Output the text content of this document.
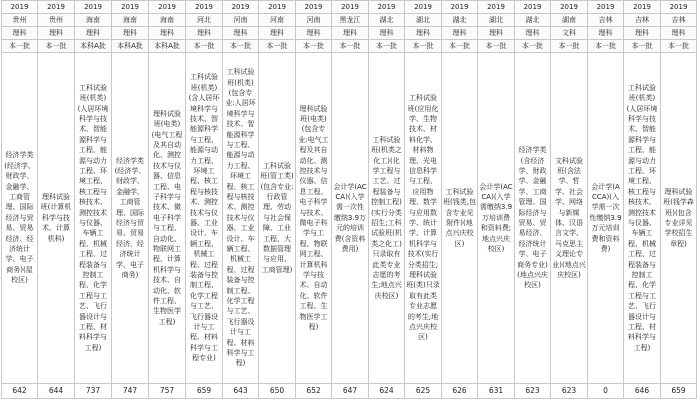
2019	2019	2019	2019	2019	2019	2019	2019	2019	2019	2019	2019	2019	2019	2019	2019	2019	2019	2019
贵州	贵州	海南	海南	海南	河北	河南	河南	河南	黑龙江	湖北	湖北	湖北	湖北	湖北	湖南	吉林	吉林	吉林
理科	理科	理科	理科	理科	理科	理科	理科	理科	理科	理科	理科	理科	理科	理科	文科	理科	理科	理科
本一批	本一批	本科A批	本科A批	本科A批	本一批	本一批	本一批	本一批	本一批	本一批	本一批	本一批	本一批	本一批	本一批	本一批	本一批	本一批
经济学类(经济学、财政学、金融学、工商管理、国际经济与贸易、贸易经济、经济统计学、电子商务)(屋校区)	理科试验班(计算机科学与技术、计算机科)	工科试验班(机类)(人居环境科学与技术、智能源科学与工程、能源与动力工程、环境工程、核工程与核技术、测控技术与仪器、车辆工程、机械工程、过程装备与控制工程、化学工程与工艺、飞行器设计与工程、材料科学与工程)	经济学类(经济学、财政学、金融学、工商管理、国际经济与贸易、贸易经济、经济统计学、电子商务)	理科试验班(电类)(电气工程及其自动化、测控技术与仪器、信息工程、电子科学与技术、微电子科学与工程、自动化、物联网工程、计算机科学与技术、自动化、软件工程、生物医学工程)	工科试验班(机类)(含人居环境科学与技术、智能源科学与工程、能源与动力工程、环境工程、核工程与核技术、测控技术与仪器、工业设计、车辆工程、机械工程、过程装备与控制工程、化学工程与工艺、飞行器设计与工程、材料科学与工程专业)	工科试验班(机类)(包含专业:人居环境科学与技术、智能源科学与工程、能源与动力工程、环境工程、核工程与核技术、测控技术与仪器、工业设计、车辆工程、机械工程、过程装备与控制工程、化学工程与工艺、飞行器设计与工程、材料科学与工程)	工科试验班(管工类)(包含专业:行政管理、劳动与社会保障、工业工程、大数据管理与应用、工商管理)	理科试验班(电类)(包含专业:电气工程及其自动化、测控技术与仪器、信息工程、电子科学与技术、微电子科学与工程、物联网工程、计算机科学与技术、自动化、软件工程、生物医学工程)	会计学(ACCA)(入学需一次性缴纳3.9万元的培训费(含资料费用)	工科试验班(机类之化工)(化学工程与工艺、过程装备与控制工程)(实行分类招生;工科试验班(机类之化工)只录取有此类专业志愿的考生;地点兴庆校区)	工科试验班(应用化学、生物技术、材料化学、材料物理、光电信息科学与工程、应用物理、数学与应用数学、统计学、计算机科学与技术(实行分类招生;理科试验班(类)只录取有此类专业志愿的考生;地点兴庆校区)	工科试验班(钱类,包含专业见附件)(地点兴庆校区)	会计学(ACCA)(入学需缴纳3.9万培训费和资料费;地点兴庆校区)	经济学类(含经济学、财政学、金融学、工商管理、国际经济与贸易、贸易经济、经济统计学、电子商务专业)(地点兴庆校区)	文科试验班(含法学、哲学、社会学、网络与新媒体、汉语言文学、马克思主义理论专业)(地点兴庆校区)	会计学(ACCA)(入学需一次性缴纳3.9万元培训费和资料费)	工科试验班(机类)(人居环境科学与技术、智能源科学与工程、能源与动力工程、环境工程、核工程与核技术、测控技术与仪器、车辆工程、机械工程、过程装备与控制工程、化学工程与工艺、飞行器设计与工程、材料科学与工程)	理科试验班(钱学森班)(包含专业详见学校招生章程)
642	644	737	747	757	659	643	650	652	647	624	625	626	631	623	623	0	646	659
